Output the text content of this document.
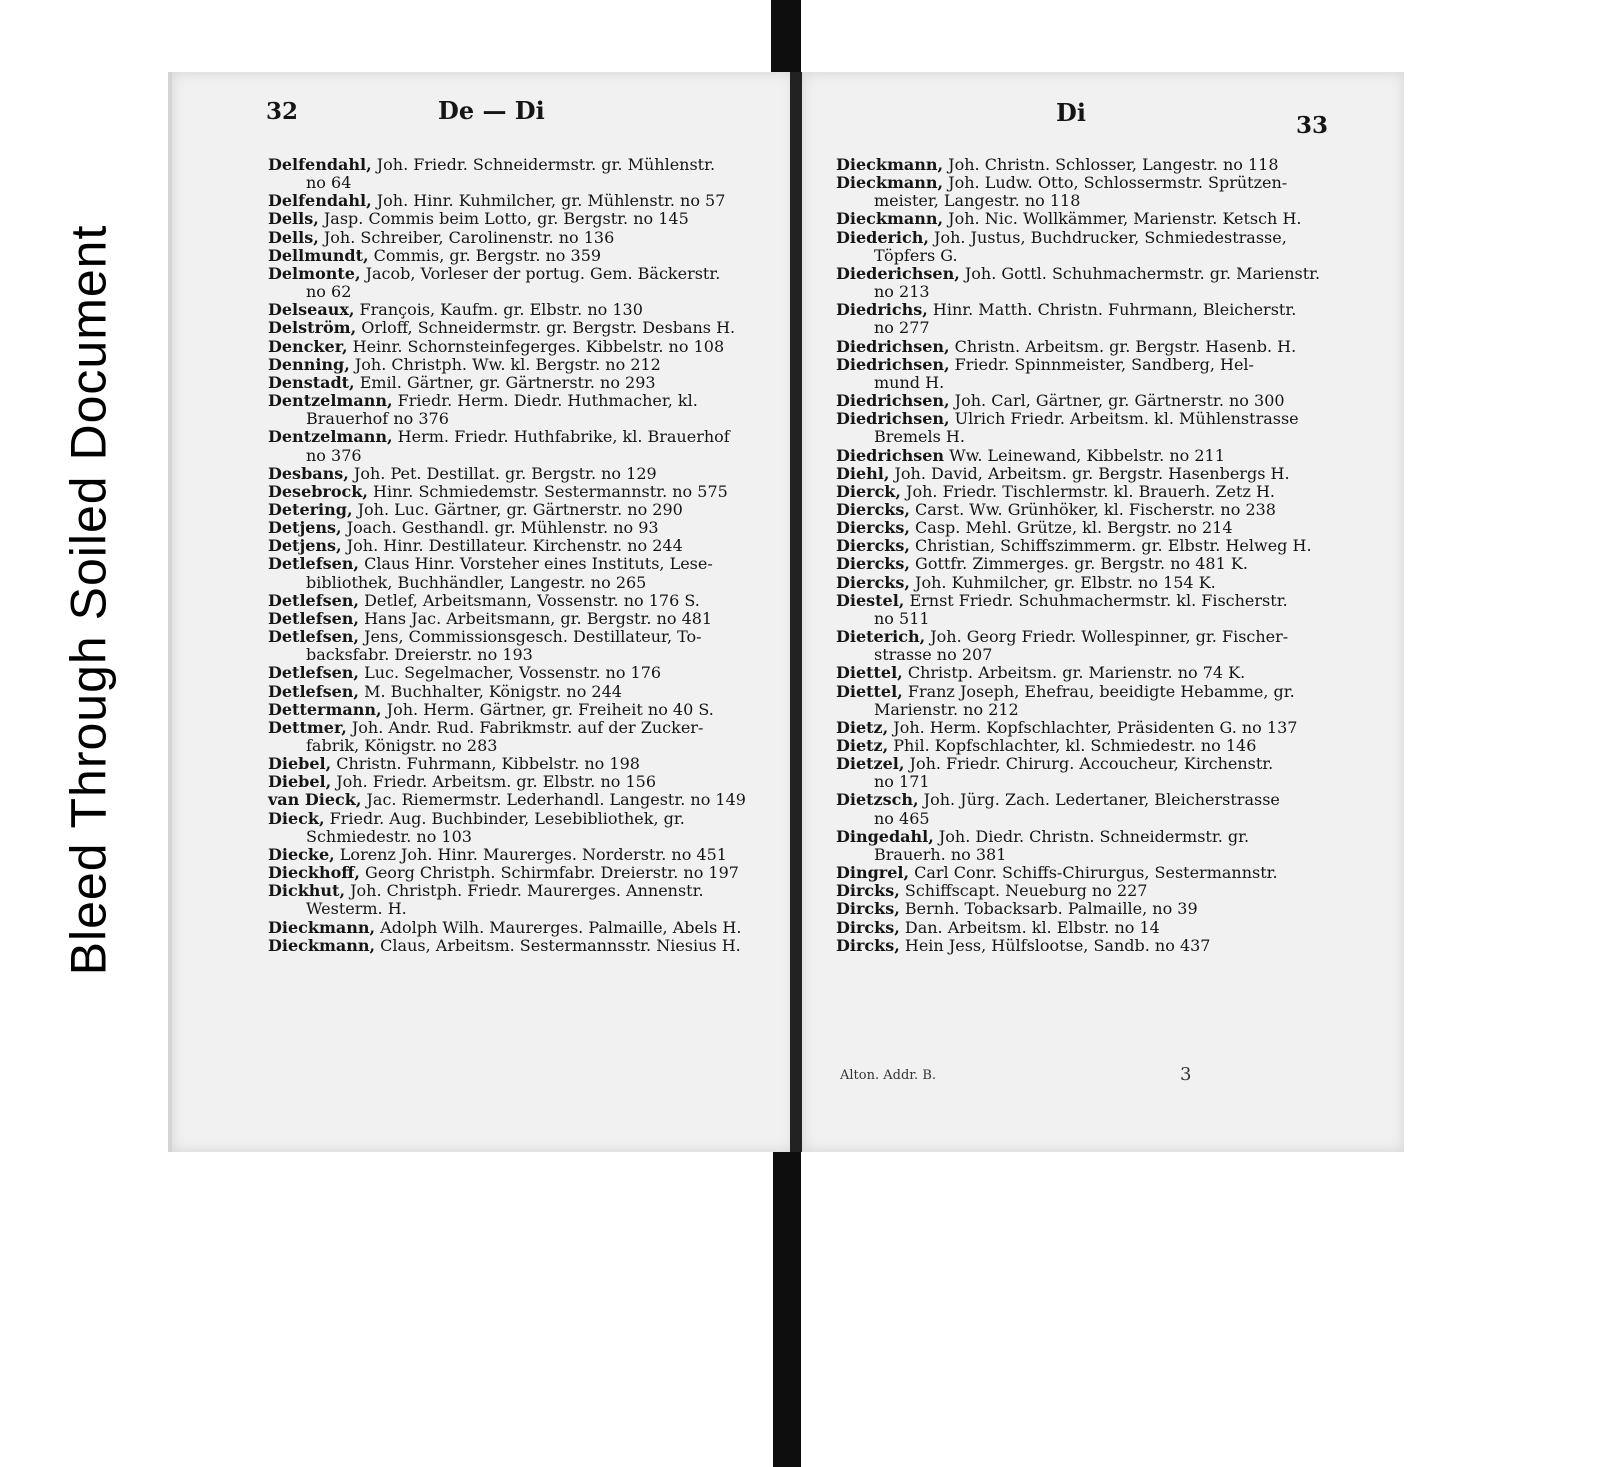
Bleed Through Soiled Document
32	De — Di
Delfendahl, Joh. Friedr. Schneidermstr. gr. Mühlenstr.
no 64
Delfendahl, Joh. Hinr. Kuhmilcher, gr. Mühlenstr. no 57
Dells, Jasp. Commis beim Lotto, gr. Bergstr. no 145
Dells, Joh. Schreiber, Carolinenstr. no 136
Dellmundt, Commis, gr. Bergstr. no 359
Delmonte, Jacob, Vorleser der portug. Gem. Bäckerstr.
no 62
Delseaux, François, Kaufm. gr. Elbstr. no 130
Delström, Orloff, Schneidermstr. gr. Bergstr. Desbans H.
Dencker, Heinr. Schornsteinfegerges. Kibbelstr. no 108
Denning, Joh. Christph. Ww. kl. Bergstr. no 212
Denstadt, Emil. Gärtner, gr. Gärtnerstr. no 293
Dentzelmann, Friedr. Herm. Diedr. Huthmacher, kl.
Brauerhof no 376
Dentzelmann, Herm. Friedr. Huthfabrike, kl. Brauerhof
no 376
Desbans, Joh. Pet. Destillat. gr. Bergstr. no 129
Desebrock, Hinr. Schmiedemstr. Sestermannstr. no 575
Detering, Joh. Luc. Gärtner, gr. Gärtnerstr. no 290
Detjens, Joach. Gesthandl. gr. Mühlenstr. no 93
Detjens, Joh. Hinr. Destillateur. Kirchenstr. no 244
Detlefsen, Claus Hinr. Vorsteher eines Instituts, Lese-
bibliothek, Buchhändler, Langestr. no 265
Detlefsen, Detlef, Arbeitsmann, Vossenstr. no 176 S.
Detlefsen, Hans Jac. Arbeitsmann, gr. Bergstr. no 481
Detlefsen, Jens, Commissionsgesch. Destillateur, To-
backsfabr. Dreierstr. no 193
Detlefsen, Luc. Segelmacher, Vossenstr. no 176
Detlefsen, M. Buchhalter, Königstr. no 244
Dettermann, Joh. Herm. Gärtner, gr. Freiheit no 40 S.
Dettmer, Joh. Andr. Rud. Fabrikmstr. auf der Zucker-
fabrik, Königstr. no 283
Diebel, Christn. Fuhrmann, Kibbelstr. no 198
Diebel, Joh. Friedr. Arbeitsm. gr. Elbstr. no 156
van Dieck, Jac. Riemermstr. Lederhandl. Langestr. no 149
Dieck, Friedr. Aug. Buchbinder, Lesebibliothek, gr.
Schmiedestr. no 103
Diecke, Lorenz Joh. Hinr. Maurerges. Norderstr. no 451
Dieckhoff, Georg Christph. Schirmfabr. Dreierstr. no 197
Dickhut, Joh. Christph. Friedr. Maurerges. Annenstr.
Westerm. H.
Dieckmann, Adolph Wilh. Maurerges. Palmaille, Abels H.
Dieckmann, Claus, Arbeitsm. Sestermannsstr. Niesius H.
Di	33
Dieckmann, Joh. Christn. Schlosser, Langestr. no 118
Dieckmann, Joh. Ludw. Otto, Schlossermstr. Sprützen-
meister, Langestr. no 118
Dieckmann, Joh. Nic. Wollkämmer, Marienstr. Ketsch H.
Diederich, Joh. Justus, Buchdrucker, Schmiedestrasse,
Töpfers G.
Diederichsen, Joh. Gottl. Schuhmachermstr. gr. Marienstr.
no 213
Diedrichs, Hinr. Matth. Christn. Fuhrmann, Bleicherstr.
no 277
Diedrichsen, Christn. Arbeitsm. gr. Bergstr. Hasenb. H.
Diedrichsen, Friedr. Spinnmeister, Sandberg, Hel-
mund H.
Diedrichsen, Joh. Carl, Gärtner, gr. Gärtnerstr. no 300
Diedrichsen, Ulrich Friedr. Arbeitsm. kl. Mühlenstrasse
Bremels H.
Diedrichsen Ww. Leinewand, Kibbelstr. no 211
Diehl, Joh. David, Arbeitsm. gr. Bergstr. Hasenbergs H.
Dierck, Joh. Friedr. Tischlermstr. kl. Brauerh. Zetz H.
Diercks, Carst. Ww. Grünhöker, kl. Fischerstr. no 238
Diercks, Casp. Mehl. Grütze, kl. Bergstr. no 214
Diercks, Christian, Schiffszimmerm. gr. Elbstr. Helweg H.
Diercks, Gottfr. Zimmerges. gr. Bergstr. no 481 K.
Diercks, Joh. Kuhmilcher, gr. Elbstr. no 154 K.
Diestel, Ernst Friedr. Schuhmachermstr. kl. Fischerstr.
no 511
Dieterich, Joh. Georg Friedr. Wollespinner, gr. Fischer-
strasse no 207
Diettel, Christp. Arbeitsm. gr. Marienstr. no 74 K.
Diettel, Franz Joseph, Ehefrau, beeidigte Hebamme, gr.
Marienstr. no 212
Dietz, Joh. Herm. Kopfschlachter, Präsidenten G. no 137
Dietz, Phil. Kopfschlachter, kl. Schmiedestr. no 146
Dietzel, Joh. Friedr. Chirurg. Accoucheur, Kirchenstr.
no 171
Dietzsch, Joh. Jürg. Zach. Ledertaner, Bleicherstrasse
no 465
Dingedahl, Joh. Diedr. Christn. Schneidermstr. gr.
Brauerh. no 381
Dingrel, Carl Conr. Schiffs-Chirurgus, Sestermannstr.
Dircks, Schiffscapt. Neueburg no 227
Dircks, Bernh. Tobacksarb. Palmaille, no 39
Dircks, Dan. Arbeitsm. kl. Elbstr. no 14
Dircks, Hein Jess, Hülfslootse, Sandb. no 437
Alton. Addr. B.	3
